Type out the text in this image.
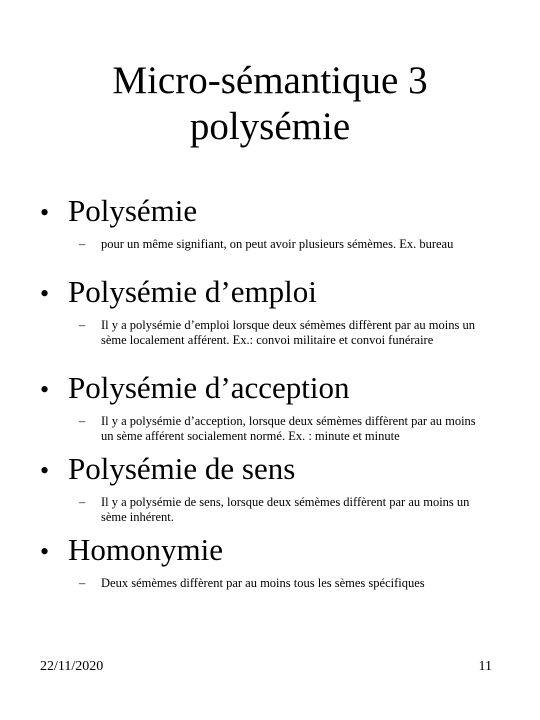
Micro-sémantique 3
polysémie
• Polysémie
–	pour un même signifiant, on peut avoir plusieurs sémèmes. Ex. bureau
• Polysémie d’emploi
–	Il y a polysémie d’emploi lorsque deux sémèmes diffèrent par au moins un sème localement afférent. Ex.: convoi militaire et convoi funéraire
• Polysémie d’acception
–	Il y a polysémie d’acception, lorsque deux sémèmes diffèrent par au moins un sème afférent socialement normé. Ex. : minute et minute
• Polysémie de sens
–	Il y a polysémie de sens, lorsque deux sémèmes diffèrent par au moins un sème inhérent.
• Homonymie
–	Deux sémèmes diffèrent par au moins tous les sèmes spécifiques
22/11/2020	11
